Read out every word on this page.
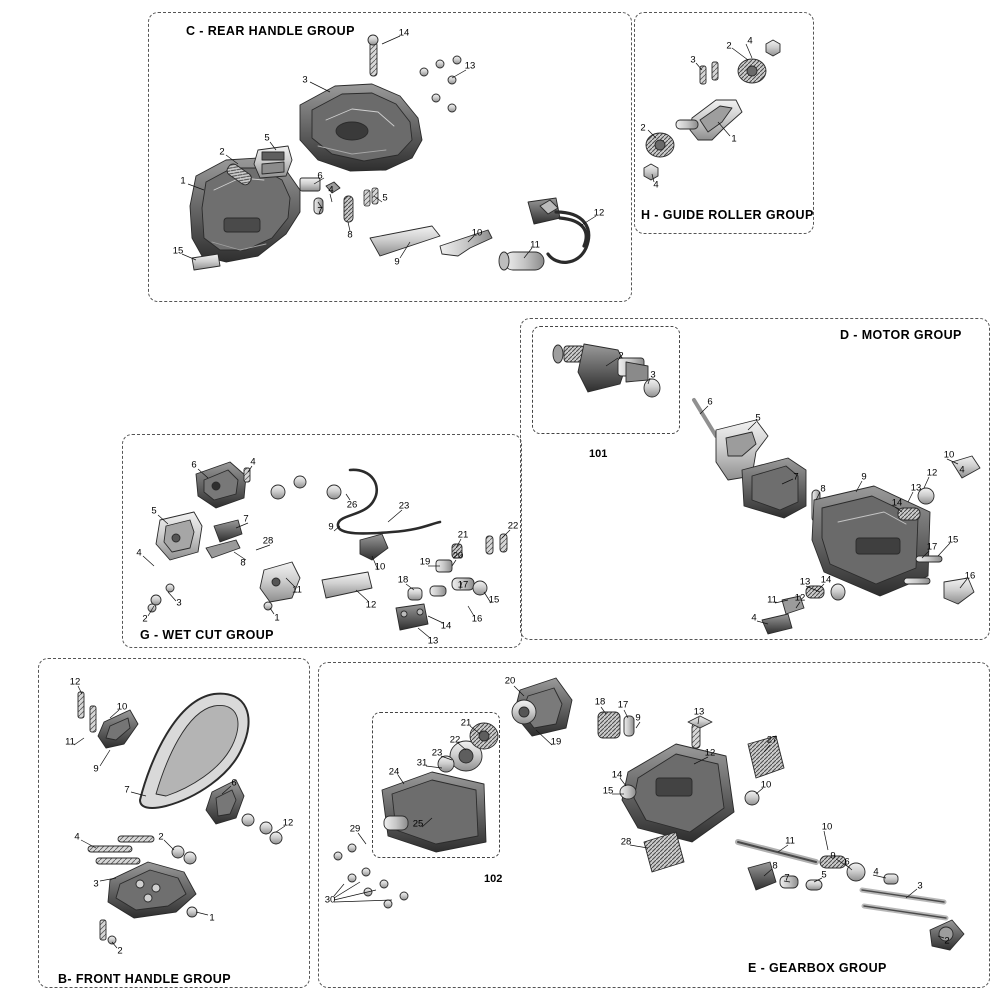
C - REAR HANDLE GROUP	14
13
3
2
5
6
4
5
1
7
8
9
10
11
12
15
H - GUIDE ROLLER GROUP
4
2
3
1
2
4
D - MOTOR GROUP
101
2
3
6
5
7
8
9
10
4
12
13
14
15
17
16
13 14
11 12
4
G - WET CUT GROUP
6	4
26	23
5
7
28
8
9
21
22
20
19
4
10
18	17
15
11
12
16
3
2	1
14
13
B- FRONT HANDLE GROUP
12
10
11
9
7
6
12
4	2
3
1
2
E - GEARBOX GROUP
102
20
18 17
13
9
21
19
22
23
31
27
12
24
10
14
15
25
11
10
28
9
6
8
7
4
5
3
29
30
2
